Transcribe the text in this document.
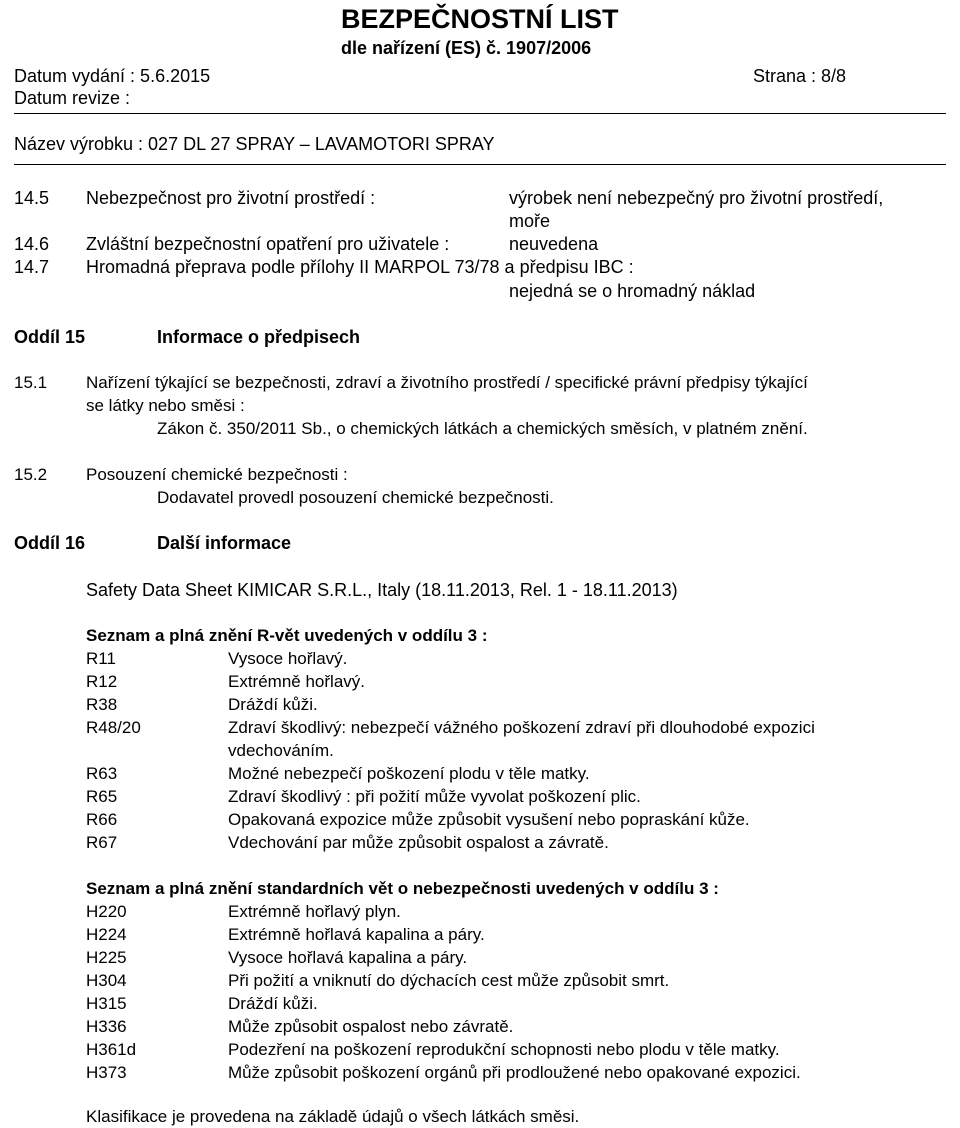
BEZPEČNOSTNÍ LIST
dle nařízení (ES) č. 1907/2006
Datum vydání : 5.6.2015	Strana : 8/8
Datum revize :
Název výrobku : 027 DL 27 SPRAY – LAVAMOTORI SPRAY
14.5 Nebezpečnost pro životní prostředí :	výrobek není nebezpečný pro životní prostředí,
moře
14.6 Zvláštní bezpečnostní opatření pro uživatele :	neuvedena
14.7 Hromadná přeprava podle přílohy II MARPOL 73/78 a předpisu IBC :
nejedná se o hromadný náklad
Oddíl 15	Informace o předpisech
15.1 Nařízení týkající se bezpečnosti, zdraví a životního prostředí / specifické právní předpisy týkající
se látky nebo směsi :
Zákon č. 350/2011 Sb., o chemických látkách a chemických směsích, v platném znění.
15.2 Posouzení chemické bezpečnosti :
Dodavatel provedl posouzení chemické bezpečnosti.
Oddíl 16	Další informace
Safety Data Sheet KIMICAR S.R.L., Italy (18.11.2013, Rel. 1 - 18.11.2013)
Seznam a plná znění R-vět uvedených v oddílu 3 :
R11	Vysoce hořlavý.
R12	Extrémně hořlavý.
R38	Dráždí kůži.
R48/20	Zdraví škodlivý: nebezpečí vážného poškození zdraví při dlouhodobé expozici
vdechováním.
R63	Možné nebezpečí poškození plodu v těle matky.
R65	Zdraví škodlivý : při požití může vyvolat poškození plic.
R66	Opakovaná expozice může způsobit vysušení nebo popraskání kůže.
R67	Vdechování par může způsobit ospalost a závratě.
Seznam a plná znění standardních vět o nebezpečnosti uvedených v oddílu 3 :
H220	Extrémně hořlavý plyn.
H224	Extrémně hořlavá kapalina a páry.
H225	Vysoce hořlavá kapalina a páry.
H304	Při požití a vniknutí do dýchacích cest může způsobit smrt.
H315	Dráždí kůži.
H336	Může způsobit ospalost nebo závratě.
H361d	Podezření na poškození reprodukční schopnosti nebo plodu v těle matky.
H373	Může způsobit poškození orgánů při prodloužené nebo opakované expozici.
Klasifikace je provedena na základě údajů o všech látkách směsi.
